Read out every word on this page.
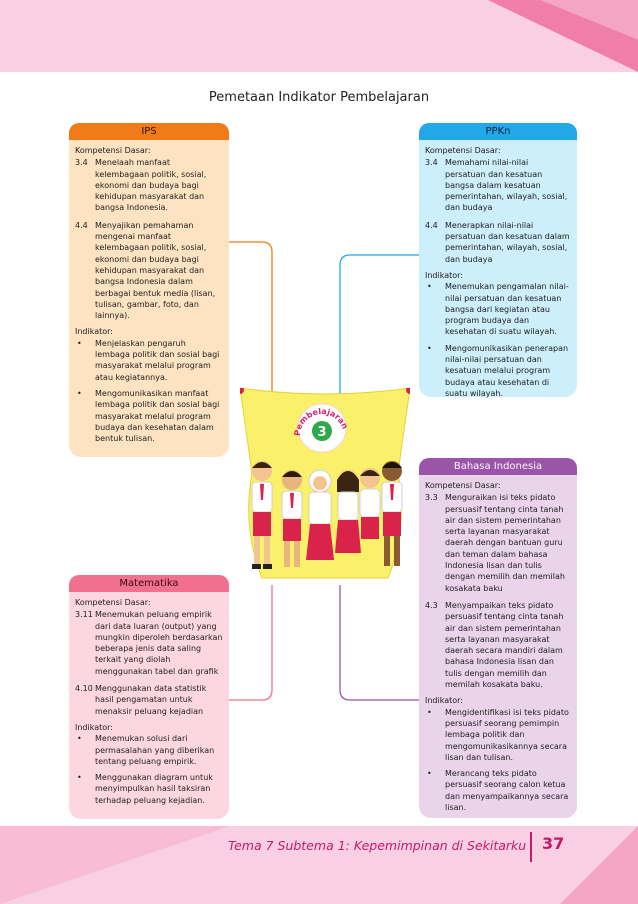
Pemetaan Indikator Pembelajaran
IPS
Kompetensi Dasar:
3.4 Menelaah manfaat kelembagaan politik, sosial, ekonomi dan budaya bagi kehidupan masyarakat dan bangsa Indonesia.
4.4 Menyajikan pemahaman mengenai manfaat kelembagaan politik, sosial, ekonomi dan budaya bagi kehidupan masyarakat dan bangsa Indonesia dalam berbagai bentuk media (lisan, tulisan, gambar, foto, dan lainnya).
Indikator:
•	Menjelaskan pengaruh lembaga politik dan sosial bagi masyarakat melalui program atau kegiatannya.
•	Mengomunikasikan manfaat lembaga politik dan sosial bagi masyarakat melalui program budaya dan kesehatan dalam bentuk tulisan.
PPKn
Kompetensi Dasar:
3.4 Memahami nilai-nilai persatuan dan kesatuan bangsa dalam kesatuan pemerintahan, wilayah, sosial, dan budaya
4.4 Menerapkan nilai-nilai persatuan dan kesatuan dalam pemerintahan, wilayah, sosial, dan budaya
Indikator:
•	Menemukan pengamalan nilai-nilai persatuan dan kesatuan bangsa dari kegiatan atau program budaya dan kesehatan di suatu wilayah.
•	Mengomunikasikan penerapan nilai-nilai persatuan dan kesatuan melalui program budaya atau kesehatan di suatu wilayah.
Pembelajaran
3
Matematika
Kompetensi Dasar:
3.11 Menemukan peluang empirik dari data luaran (output) yang mungkin diperoleh berdasarkan beberapa jenis data saling terkait yang diolah menggunakan tabel dan grafik
4.10 Menggunakan data statistik hasil pengamatan untuk menaksir peluang kejadian
Indikator:
•	Menemukan solusi dari permasalahan yang diberikan tentang peluang empirik.
•	Menggunakan diagram untuk menyimpulkan hasil taksiran terhadap peluang kejadian.
Bahasa Indonesia
Kompetensi Dasar:
3.3 Menguraikan isi teks pidato persuasif tentang cinta tanah air dan sistem pemerintahan serta layanan masyarakat daerah dengan bantuan guru dan teman dalam bahasa Indonesia lisan dan tulis dengan memilih dan memilah kosakata baku
4.3 Menyampaikan teks pidato persuasif tentang cinta tanah air dan sistem pemerintahan serta layanan masyarakat daerah secara mandiri dalam bahasa Indonesia lisan dan tulis dengan memilih dan memilah kosakata baku.
Indikator:
•	Mengidentifikasi isi teks pidato persuasif seorang pemimpin lembaga politik dan mengomunikasikannya secara lisan dan tulisan.
•	Merancang teks pidato persuasif seorang calon ketua dan menyampaikannya secara lisan.
Tema 7 Subtema 1: Kepemimpinan di Sekitarku 37
